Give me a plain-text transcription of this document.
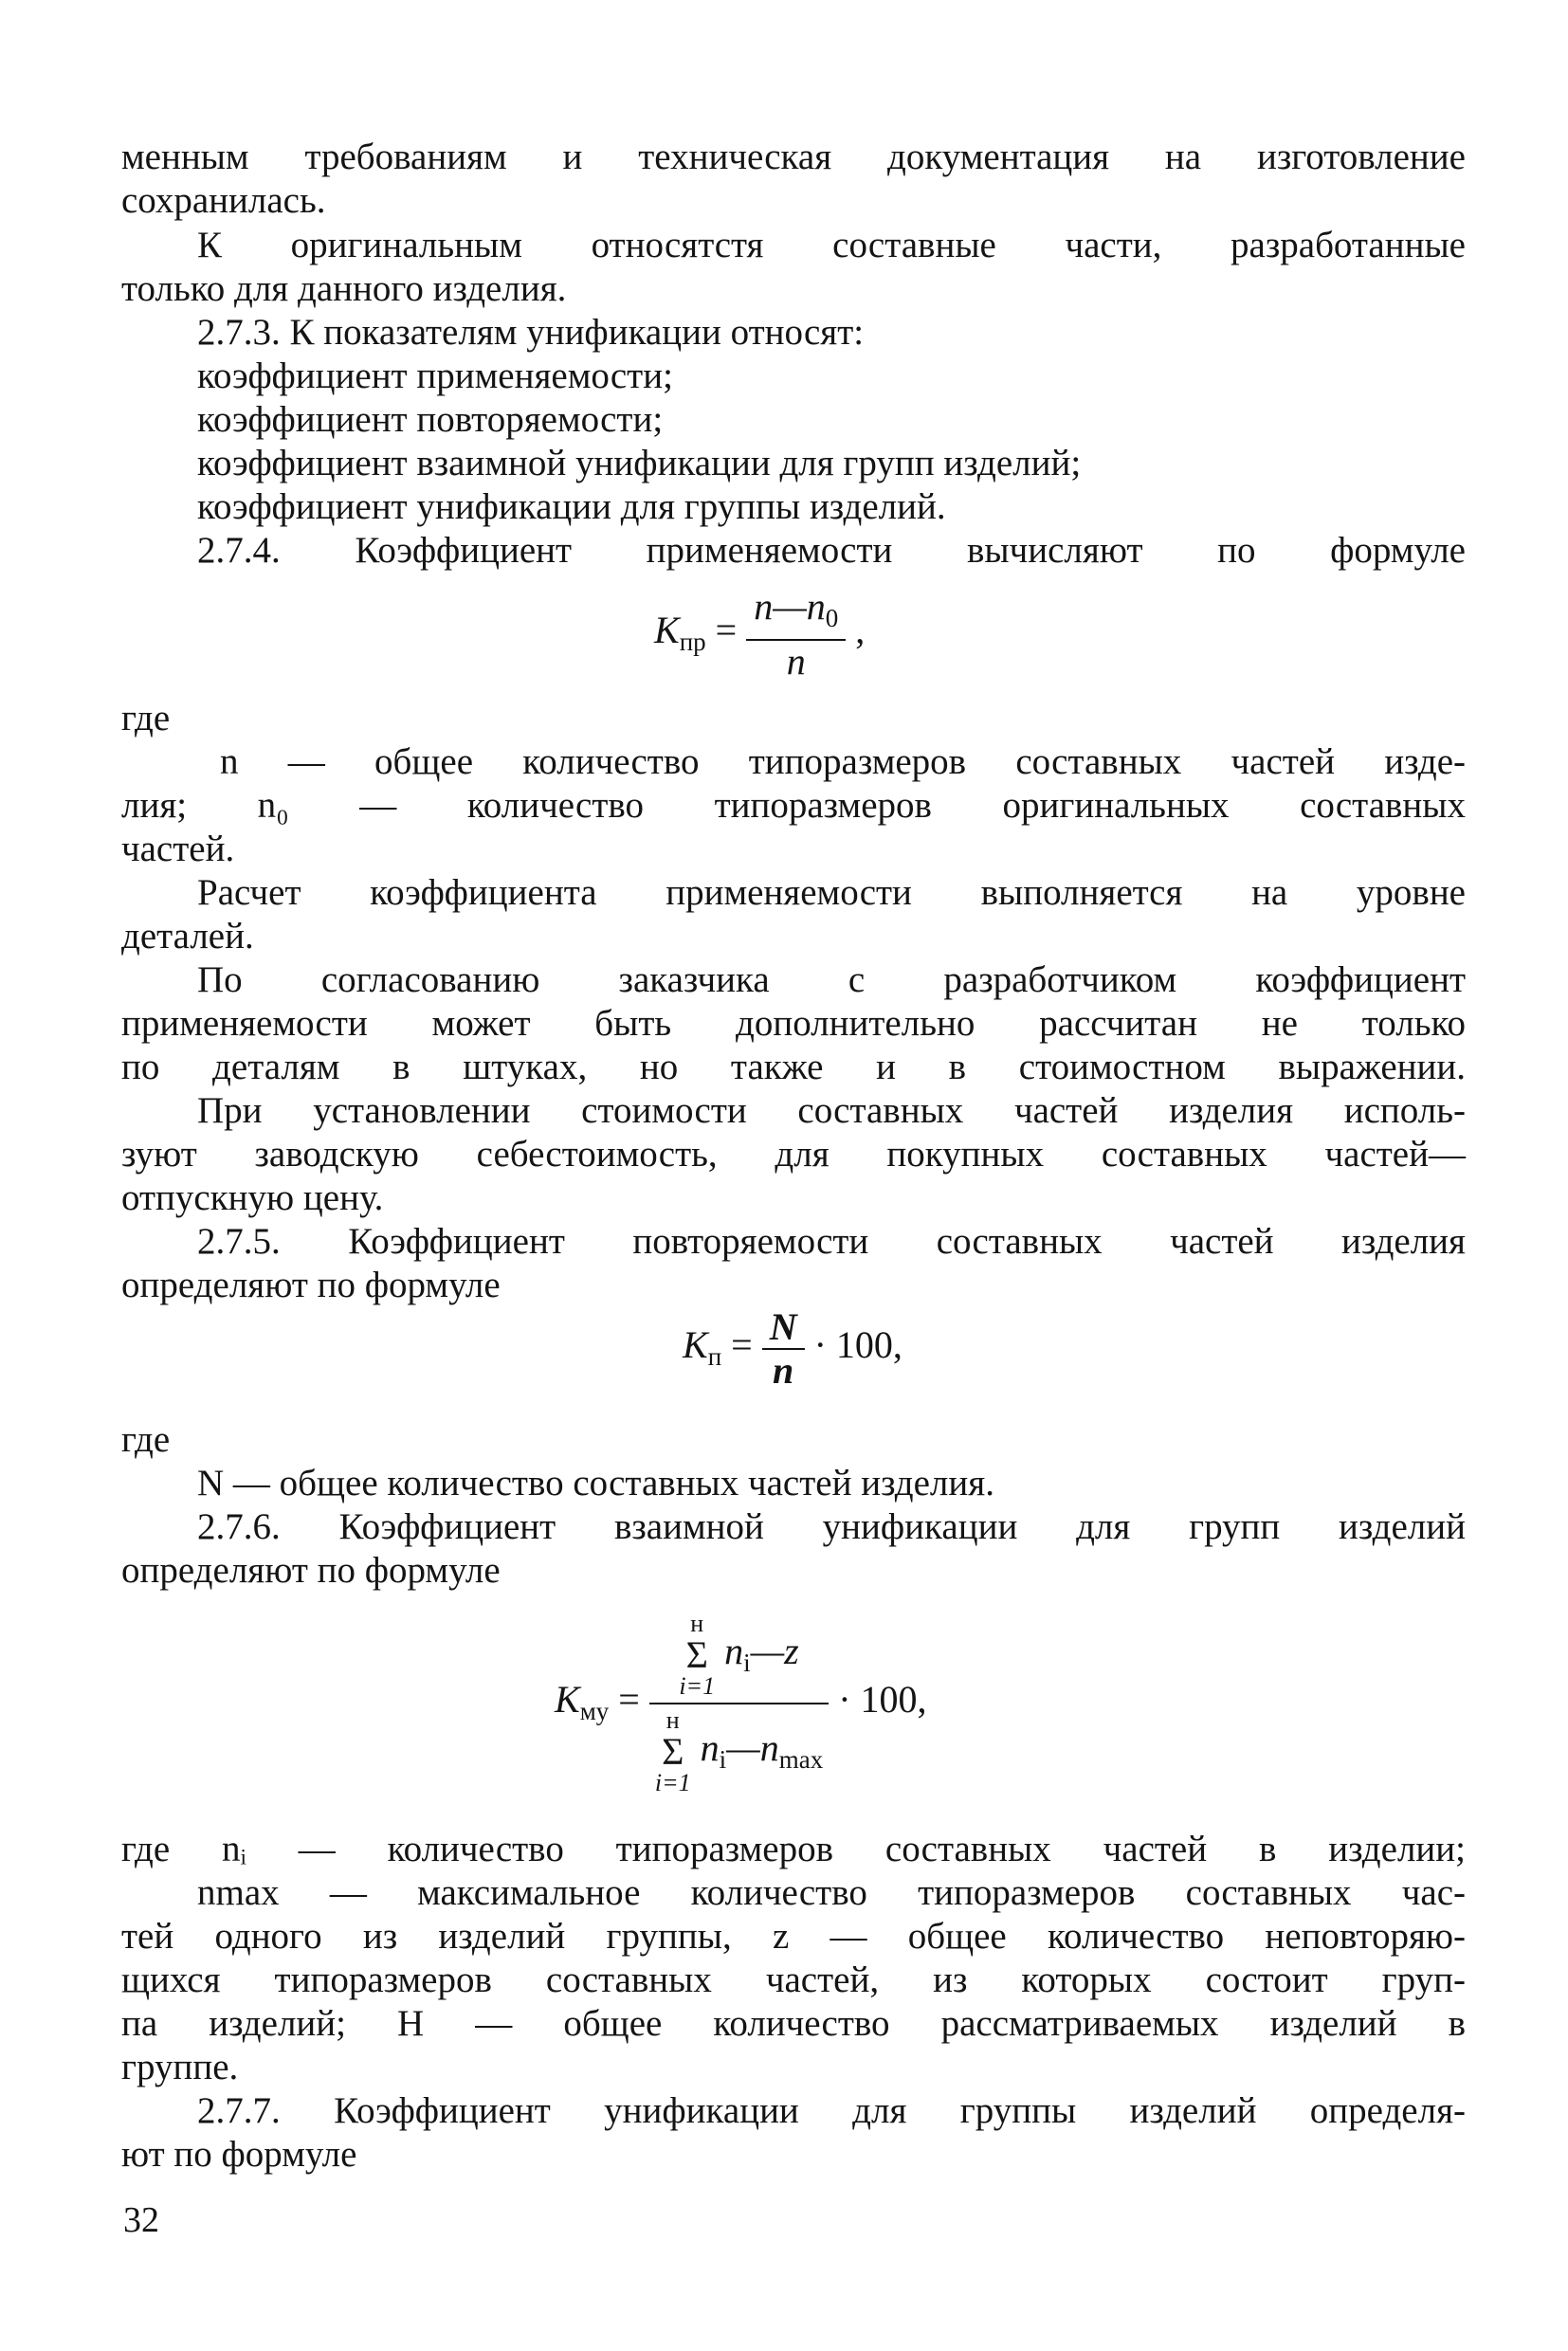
менным требованиям и техническая документация на изготовление
сохранилась.
К оригинальным относятстя составные части, разработанные
только для данного изделия.
2.7.3. К показателям унификации относят:
коэффициент применяемости;
коэффициент повторяемости;
коэффициент взаимной унификации для групп изделий;
коэффициент унификации для группы изделий.
2.7.4. Коэффициент применяемости вычисляют по формуле
$K_{пр} = \frac{n—n_0}{n}$ ,
где
n — общее количество типоразмеров составных частей изде-
лия; n₀ — количество типоразмеров оригинальных составных
частей.
Расчет коэффициента применяемости выполняется на уровне
деталей.
По согласованию заказчика с разработчиком коэффициент
применяемости может быть дополнительно рассчитан не только
по деталям в штуках, но также и в стоимостном выражении.
При установлении стоимости составных частей изделия исполь-
зуют заводскую себестоимость, для покупных составных частей—
отпускную цену.
2.7.5. Коэффициент повторяемости составных частей изделия
определяют по формуле
$K_п = \frac{N}{n} \cdot 100$,
где
N — общее количество составных частей изделия.
2.7.6. Коэффициент взаимной унификации для групп изделий
определяют по формуле
$K_{му} = н$
Σ
i=1
$n_i—z$
н
Σ
i=1
$n_i—n_{max} \cdot 100$,
где nᵢ — количество типоразмеров составных частей в изделии;
nmax — максимальное количество типоразмеров составных час-
тей одного из изделий группы, z — общее количество неповторяю-
щихся типоразмеров составных частей, из которых состоит груп-
па изделий; H — общее количество рассматриваемых изделий в
группе.
2.7.7. Коэффициент унификации для группы изделий определя-
ют по формуле
32
